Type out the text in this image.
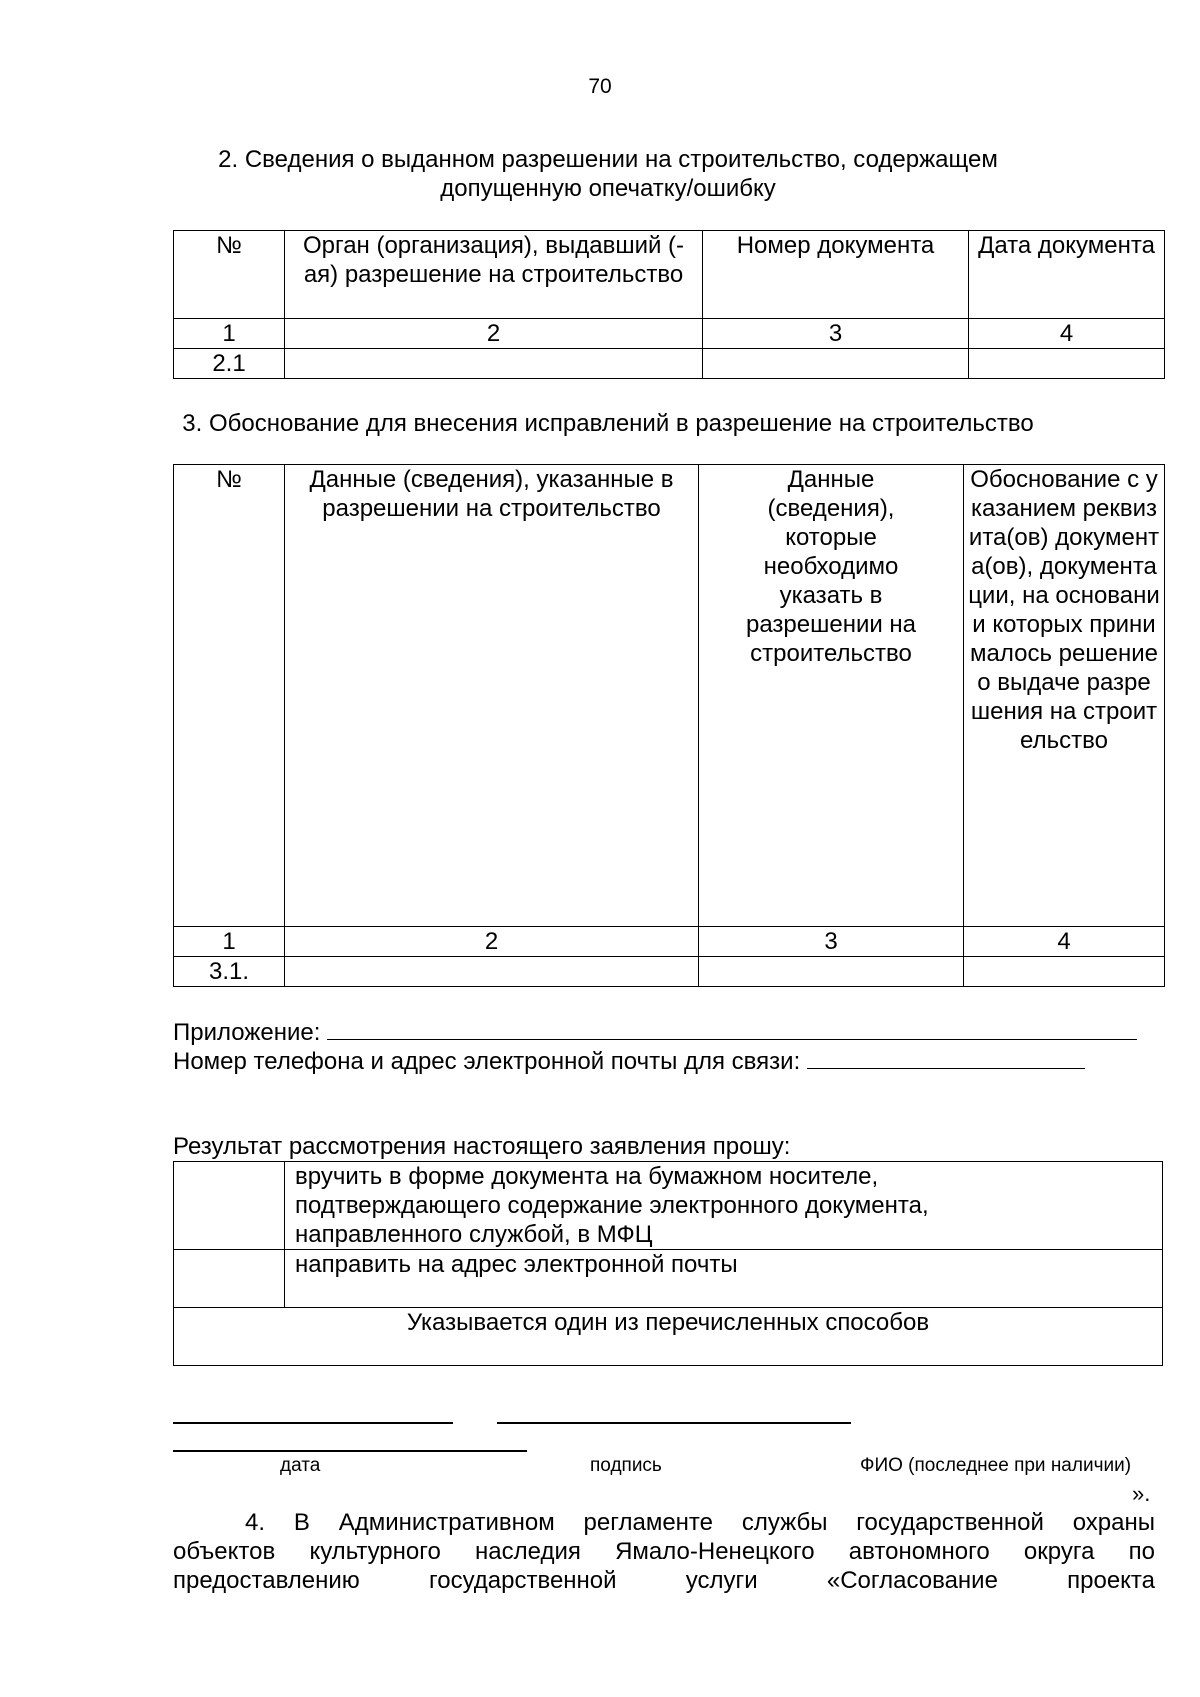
70
2. Сведения о выданном разрешении на строительство, содержащем
допущенную опечатку/ошибку
№	Орган (организация), выдавший (-ая) разрешение на строительство	Номер документа	Дата документа
1	2	3	4
2.1			
3. Обоснование для внесения исправлений в разрешение на строительство
№	Данные (сведения), указанные в разрешении на строительство	Данные (сведения), которые необходимо указать в разрешении на строительство	Обоснование с указанием реквизита(ов) документа(ов), документации, на основании которых принималось решение о выдаче разрешения на строительство
1	2	3	4
3.1.			
Приложение:
Номер телефона и адрес электронной почты для связи:
Результат рассмотрения настоящего заявления прошу:
	вручить в форме документа на бумажном носителе, подтверждающего содержание электронного документа, направленного службой, в МФЦ
	направить на адрес электронной почты
Указывается один из перечисленных способов	
дата	подпись	ФИО (последнее при наличии)
».
4. В Административном регламенте службы государственной охраны
объектов культурного наследия Ямало-Ненецкого автономного округа по
предоставлению государственной услуги «Согласование проекта
